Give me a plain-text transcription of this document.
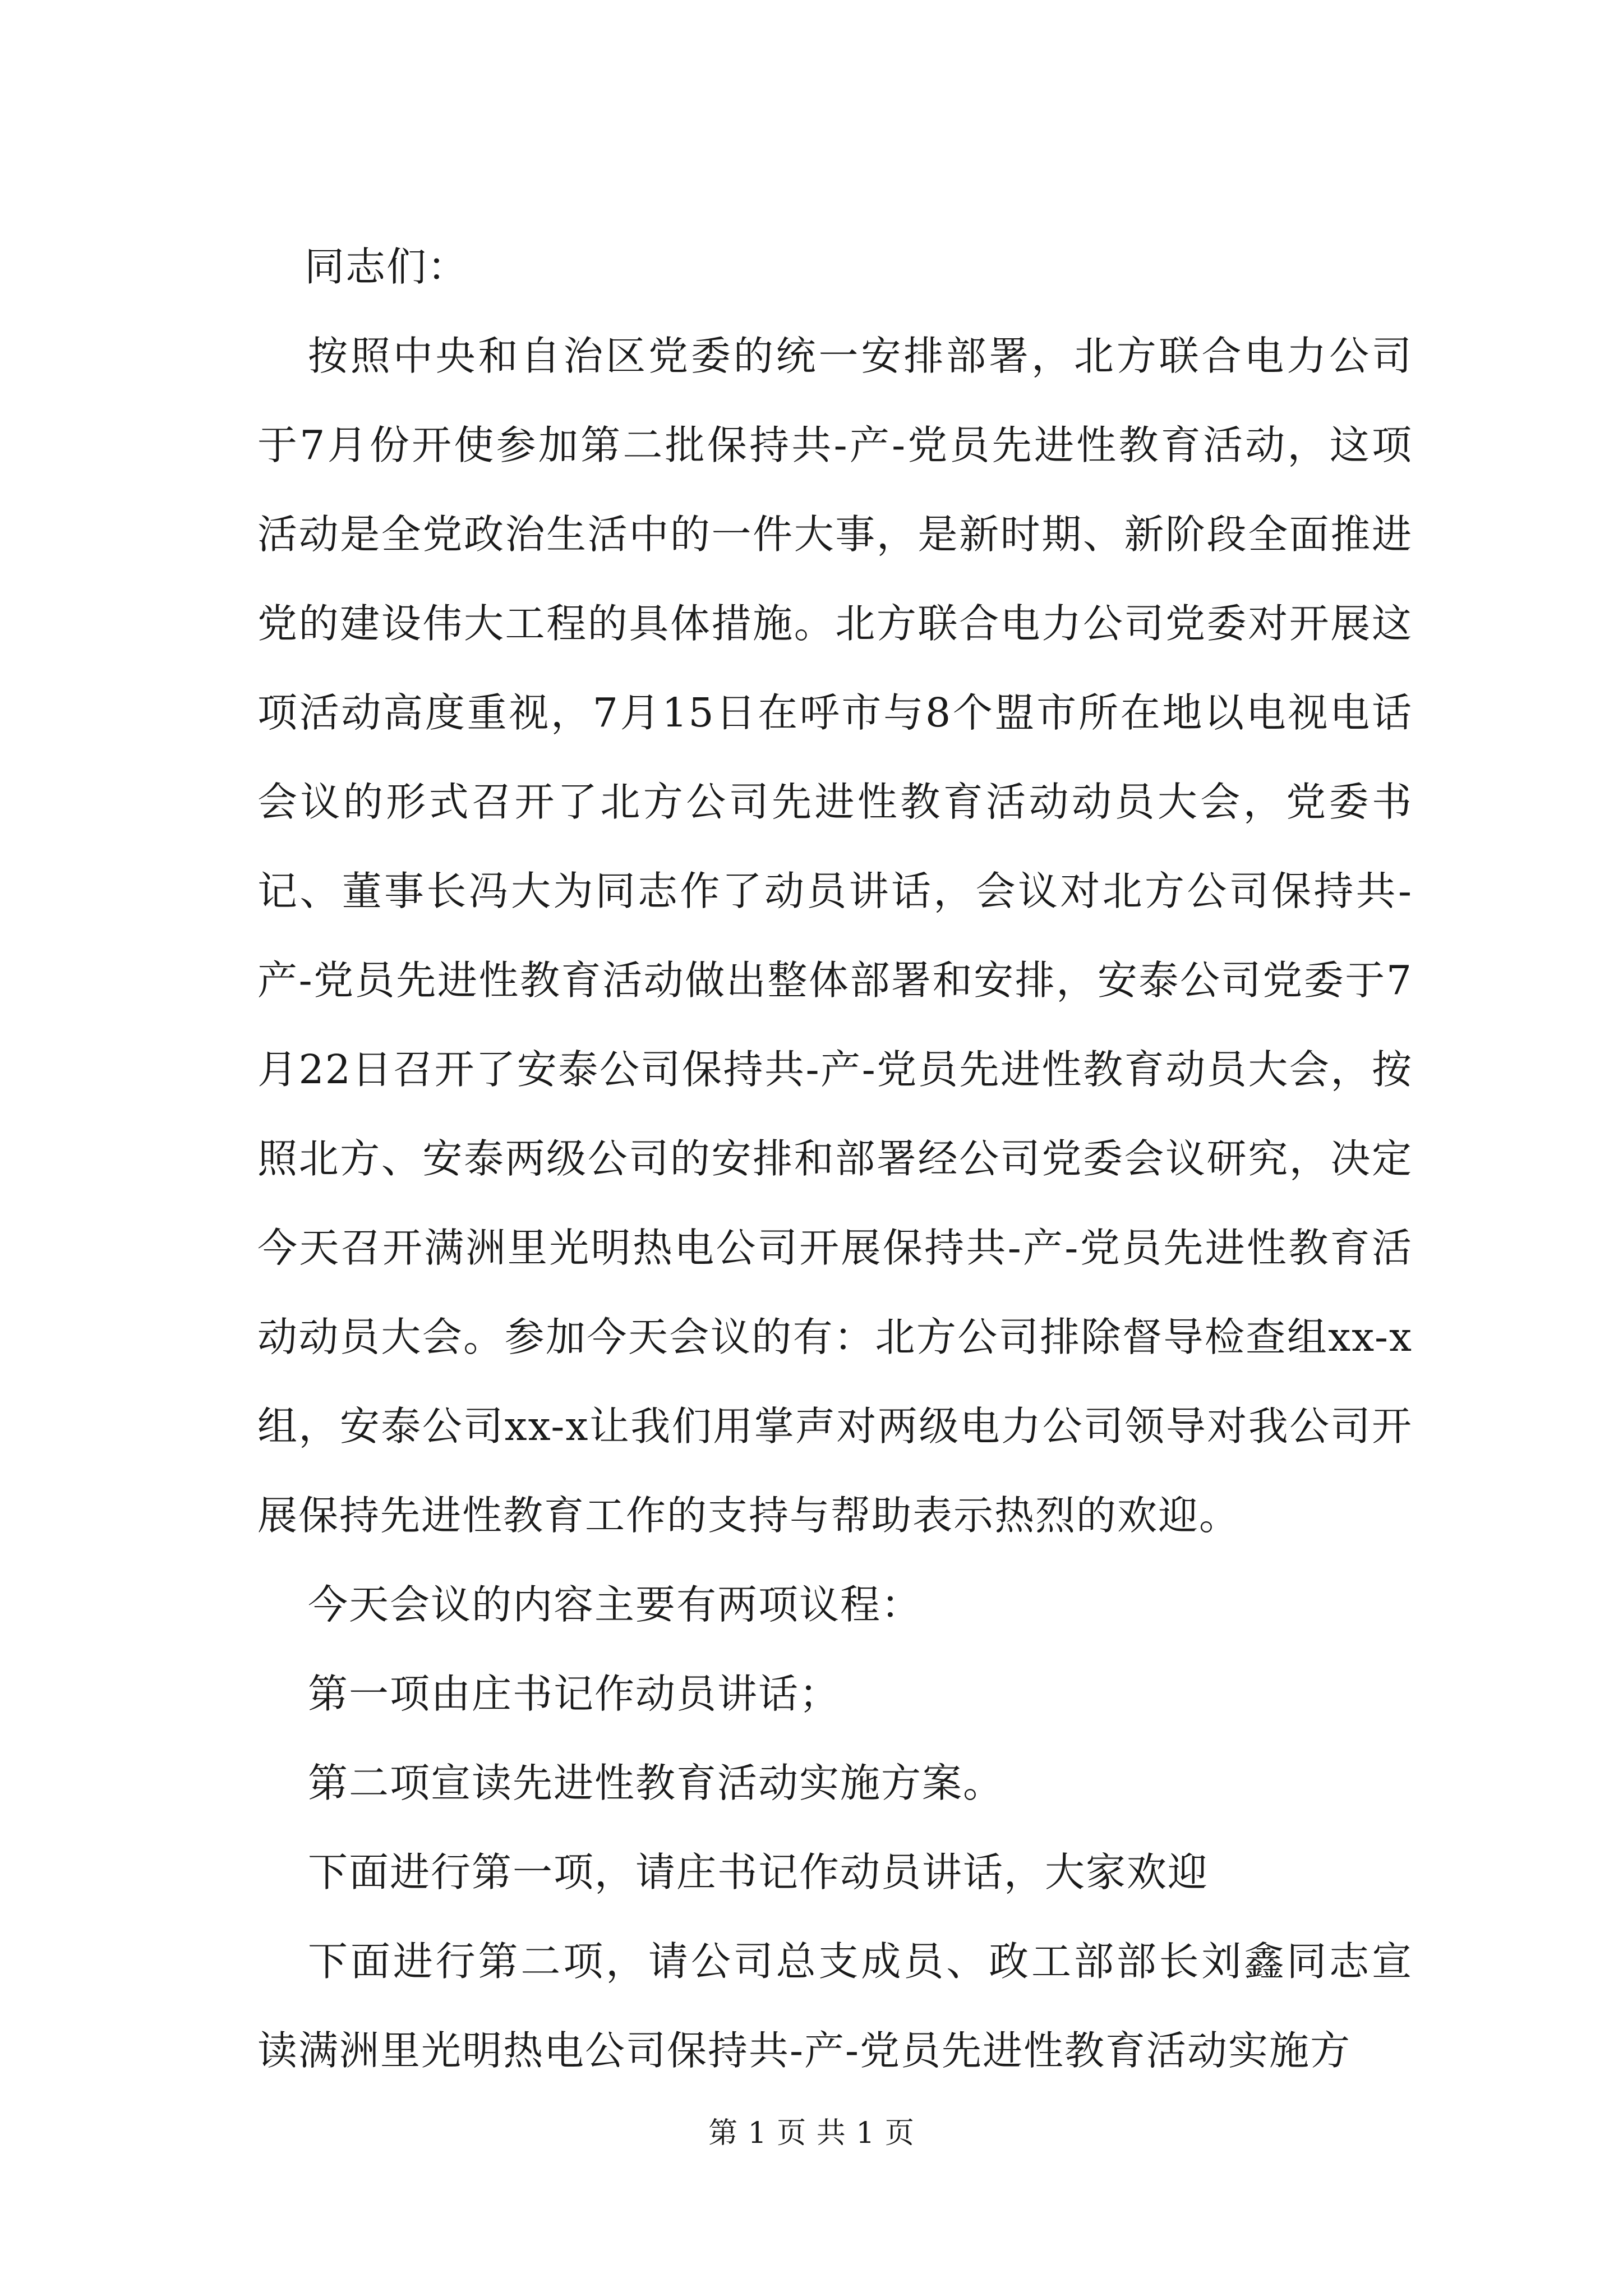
同志们：

按照中央和自治区党委的统一安排部署，北方联合电力公司于7月份开使参加第二批保持共-产-党员先进性教育活动，这项活动是全党政治生活中的一件大事，是新时期、新阶段全面推进党的建设伟大工程的具体措施。北方联合电力公司党委对开展这项活动高度重视，7月15日在呼市与8个盟市所在地以电视电话会议的形式召开了北方公司先进性教育活动动员大会，党委书记、董事长冯大为同志作了动员讲话，会议对北方公司保持共-产-党员先进性教育活动做出整体部署和安排，安泰公司党委于7月22日召开了安泰公司保持共-产-党员先进性教育动员大会，按照北方、安泰两级公司的安排和部署经公司党委会议研究，决定今天召开满洲里光明热电公司开展保持共-产-党员先进性教育活动动员大会。参加今天会议的有：北方公司排除督导检查组xx-x组，安泰公司xx-x让我们用掌声对两级电力公司领导对我公司开展保持先进性教育工作的支持与帮助表示热烈的欢迎。

今天会议的内容主要有两项议程：

第一项由庄书记作动员讲话；

第二项宣读先进性教育活动实施方案。

下面进行第一项，请庄书记作动员讲话，大家欢迎

下面进行第二项，请公司总支成员、政工部部长刘鑫同志宣读满洲里光明热电公司保持共-产-党员先进性教育活动实施方

第 1 页 共 1 页
